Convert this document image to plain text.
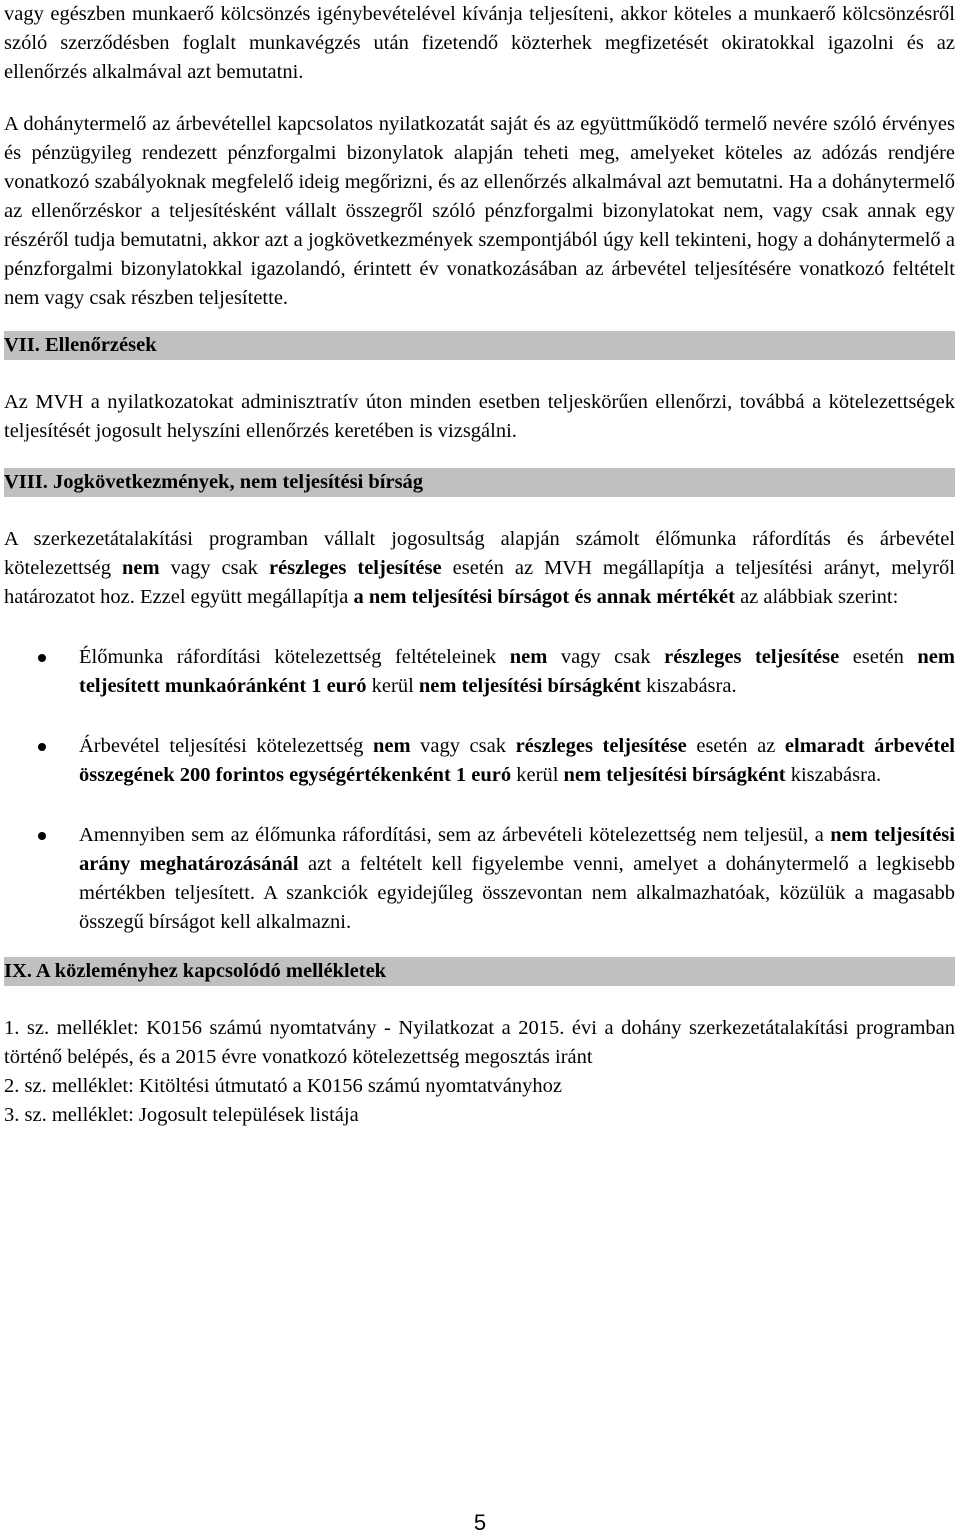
vagy egészben munkaerő kölcsönzés igénybevételével kívánja teljesíteni, akkor köteles a munkaerő kölcsönzésről szóló szerződésben foglalt munkavégzés után fizetendő közterhek megfizetését okiratokkal igazolni és az ellenőrzés alkalmával azt bemutatni.

A dohánytermelő az árbevétellel kapcsolatos nyilatkozatát saját és az együttműködő termelő nevére szóló érvényes és pénzügyileg rendezett pénzforgalmi bizonylatok alapján teheti meg, amelyeket köteles az adózás rendjére vonatkozó szabályoknak megfelelő ideig megőrizni, és az ellenőrzés alkalmával azt bemutatni. Ha a dohánytermelő az ellenőrzéskor a teljesítésként vállalt összegről szóló pénzforgalmi bizonylatokat nem, vagy csak annak egy részéről tudja bemutatni, akkor azt a jogkövetkezmények szempontjából úgy kell tekinteni, hogy a dohánytermelő a pénzforgalmi bizonylatokkal igazolandó, érintett év vonatkozásában az árbevétel teljesítésére vonatkozó feltételt nem vagy csak részben teljesítette.

VII. Ellenőrzések

Az MVH a nyilatkozatokat adminisztratív úton minden esetben teljeskörűen ellenőrzi, továbbá a kötelezettségek teljesítését jogosult helyszíni ellenőrzés keretében is vizsgálni.

VIII. Jogkövetkezmények, nem teljesítési bírság

A szerkezetátalakítási programban vállalt jogosultság alapján számolt élőmunka ráfordítás és árbevétel kötelezettség nem vagy csak részleges teljesítése esetén az MVH megállapítja a teljesítési arányt, melyről határozatot hoz. Ezzel együtt megállapítja a nem teljesítési bírságot és annak mértékét az alábbiak szerint:

Élőmunka ráfordítási kötelezettség feltételeinek nem vagy csak részleges teljesítése esetén nem teljesített munkaóránként 1 euró kerül nem teljesítési bírságként kiszabásra.
Árbevétel teljesítési kötelezettség nem vagy csak részleges teljesítése esetén az elmaradt árbevétel összegének 200 forintos egységértékenként 1 euró kerül nem teljesítési bírságként kiszabásra.
Amennyiben sem az élőmunka ráfordítási, sem az árbevételi kötelezettség nem teljesül, a nem teljesítési arány meghatározásánál azt a feltételt kell figyelembe venni, amelyet a dohánytermelő a legkisebb mértékben teljesített. A szankciók egyidejűleg összevontan nem alkalmazhatóak, közülük a magasabb összegű bírságot kell alkalmazni.
IX. A közleményhez kapcsolódó mellékletek

1. sz. melléklet: K0156 számú nyomtatvány - Nyilatkozat a 2015. évi a dohány szerkezetátalakítási programban történő belépés, és a 2015 évre vonatkozó kötelezettség megosztás iránt

2. sz. melléklet: Kitöltési útmutató a K0156 számú nyomtatványhoz

3. sz. melléklet: Jogosult települések listája

5
